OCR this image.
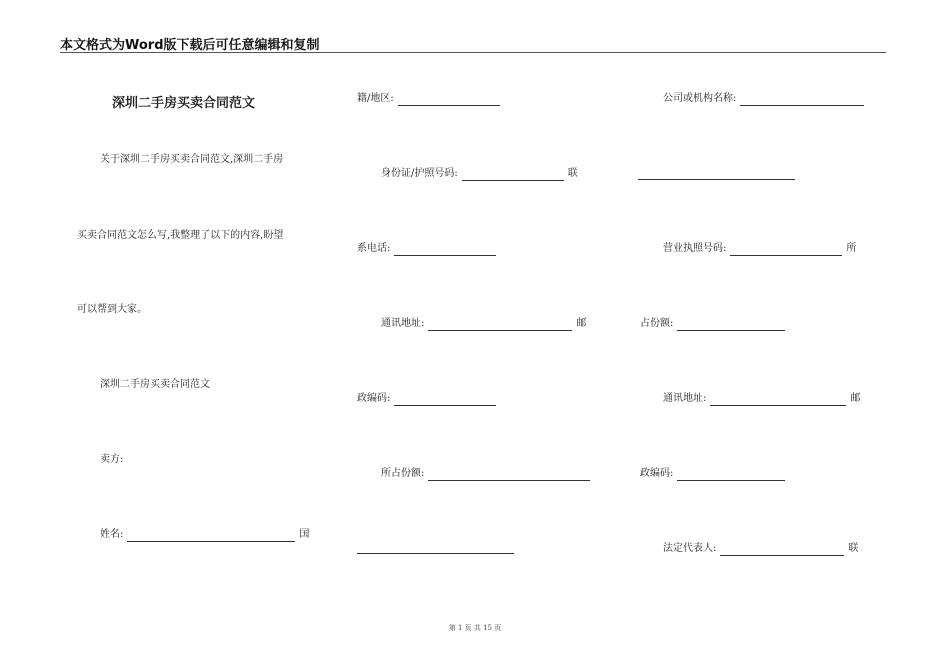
本文格式为Word版下载后可任意编辑和复制
深圳二手房买卖合同范文
关于深圳二手房买卖合同范文,深圳二手房
买卖合同范文怎么写,我整理了以下的内容,盼望
可以帮到大家。
深圳二手房买卖合同范文
卖方:
姓名:	国
籍/地区:
身份证/护照号码:	联
系电话:
通讯地址:	邮
政编码:
所占份额:
公司或机构名称:
营业执照号码:	所
占份额:
通讯地址:	邮
政编码:
法定代表人:	联
第 1 页 共 15 页
